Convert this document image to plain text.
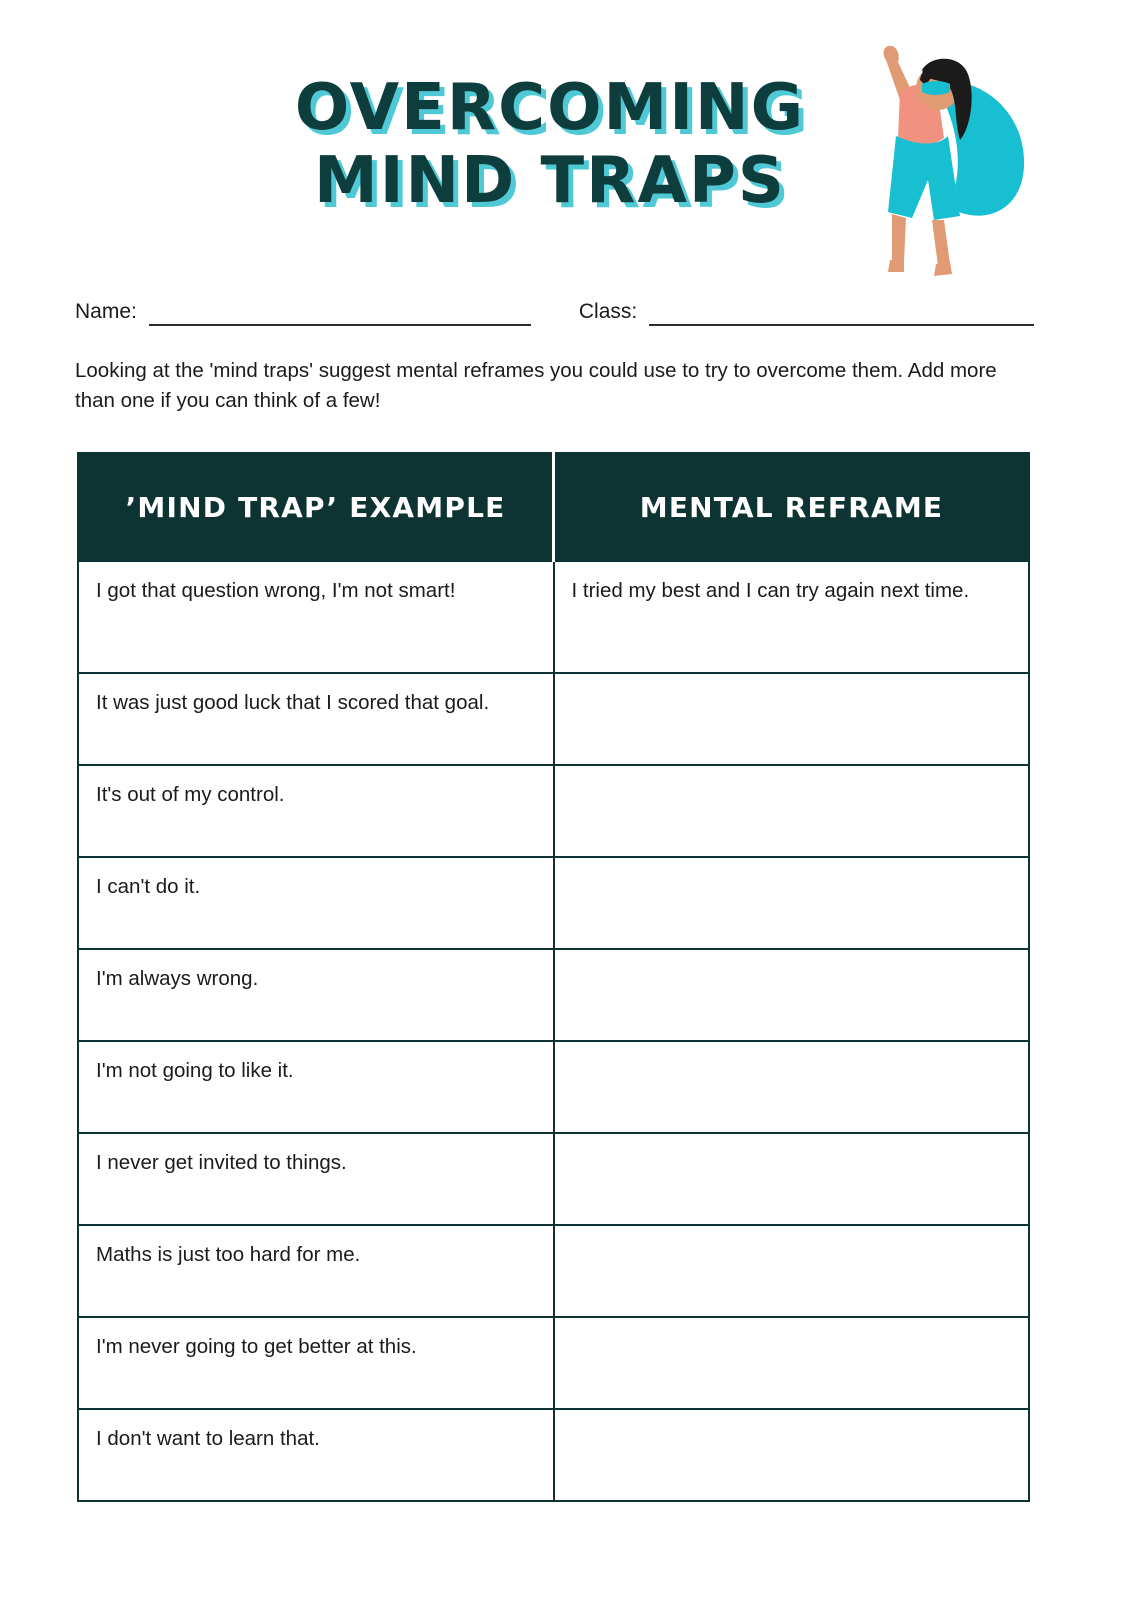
OVERCOMING
MIND TRAPS
Name:	Class:
Looking at the 'mind traps' suggest mental reframes you could use to try to overcome them. Add more than one if you can think of a few!
’MIND TRAP’ EXAMPLE	MENTAL REFRAME
I got that question wrong, I'm not smart!	I tried my best and I can try again next time.
It was just good luck that I scored that goal.	
It's out of my control.	
I can't do it.	
I'm always wrong.	
I'm not going to like it.	
I never get invited to things.	
Maths is just too hard for me.	
I'm never going to get better at this.	
I don't want to learn that.	
